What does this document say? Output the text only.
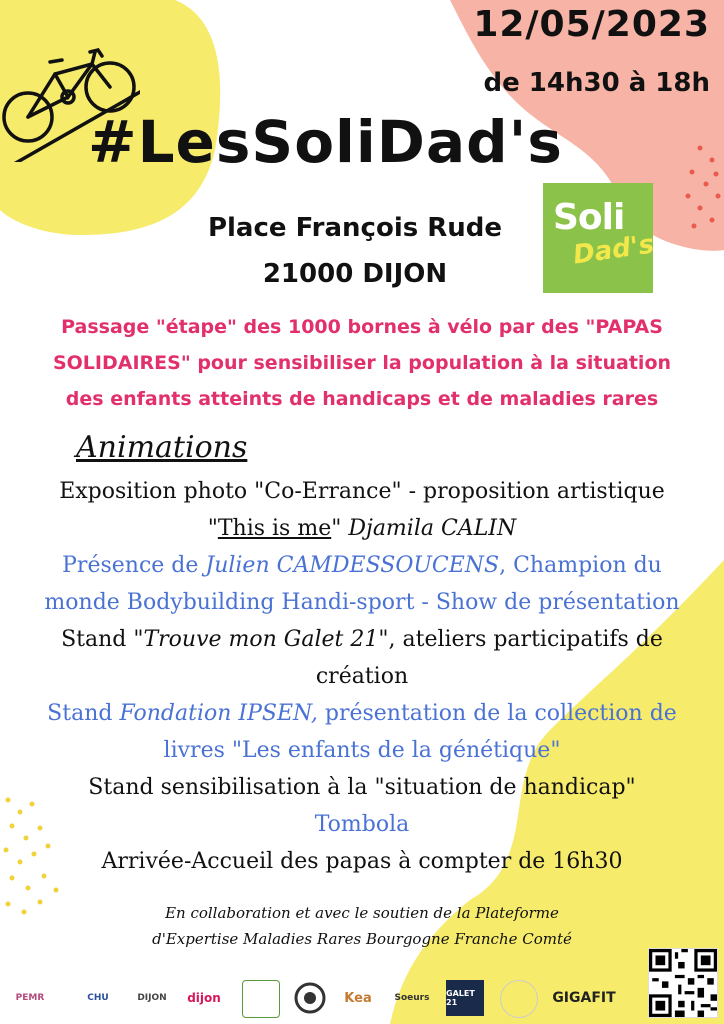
12/05/2023
de 14h30 à 18h
#LesSoliDad's
Place François Rude
21000 DIJON
Soli
Dad's
Passage "étape" des 1000 bornes à vélo par des "PAPAS
SOLIDAIRES" pour sensibiliser la population à la situation
des enfants atteints de handicaps et de maladies rares
Animations
Exposition photo "Co-Errance" - proposition artistique
"This is me" Djamila CALIN
Présence de Julien CAMDESSOUCENS, Champion du
monde Bodybuilding Handi-sport - Show de présentation
Stand "Trouve mon Galet 21", ateliers participatifs de
création
Stand Fondation IPSEN, présentation de la collection de
livres "Les enfants de la génétique"
Stand sensibilisation à la "situation de handicap"
Tombola
Arrivée-Accueil des papas à compter de 16h30
En collaboration et avec le soutien de la Plateforme
d'Expertise Maladies Rares Bourgogne Franche Comté
PEMR	CHU	DIJON dijon	Kea	Soeurs GALET 21	GIGAFIT
